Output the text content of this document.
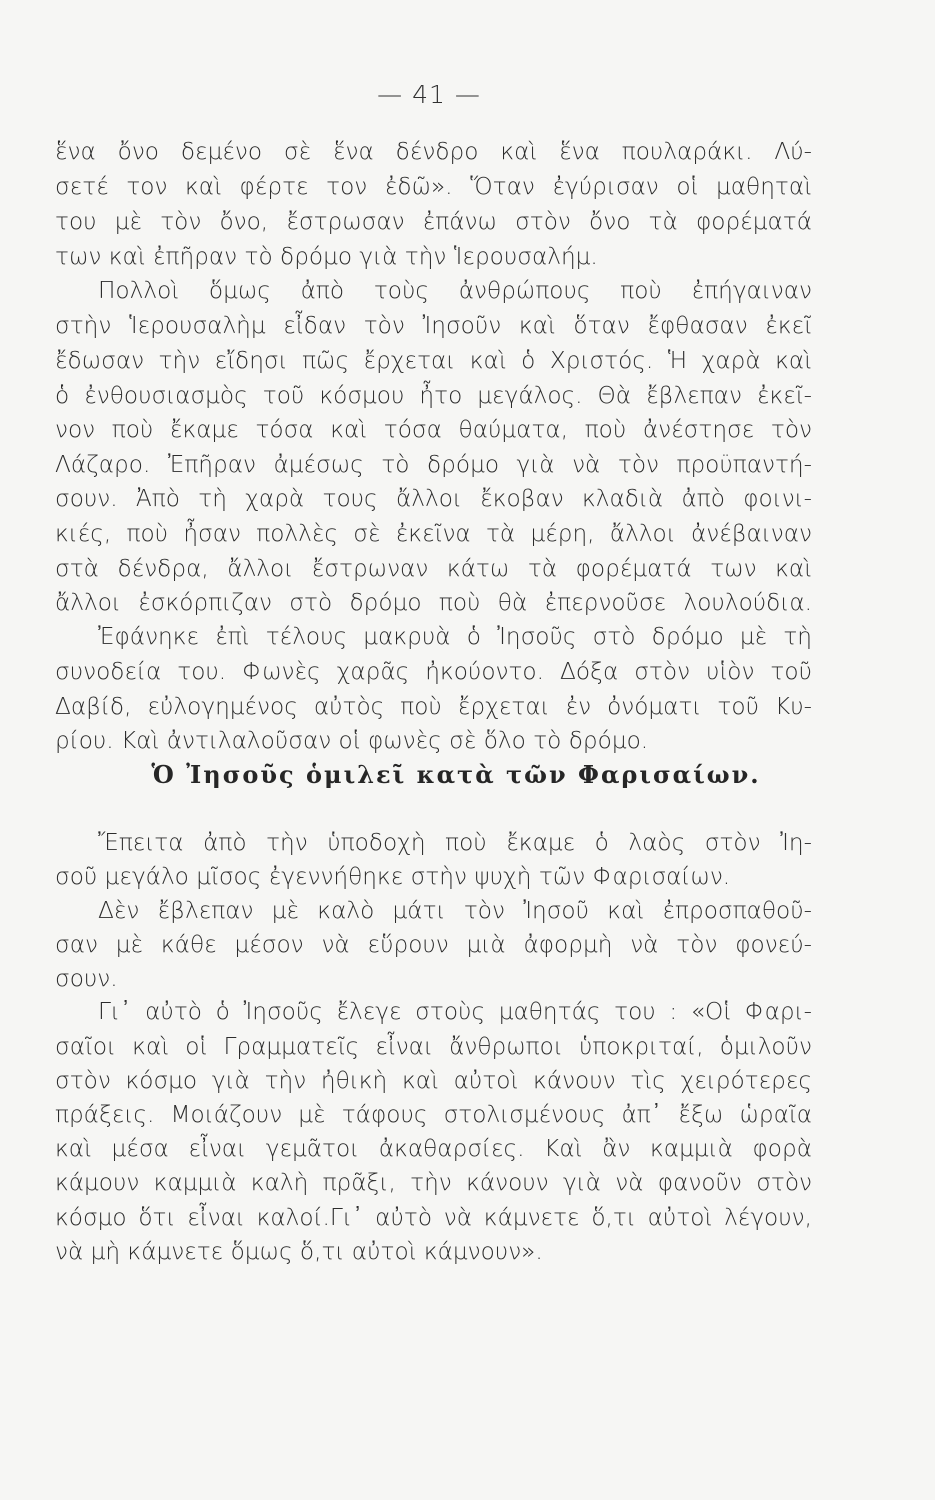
— 41 —
ἕνα ὄνο δεμένο σὲ ἕνα δένδρο καὶ ἕνα πουλαράκι. Λύ-
σετέ τον καὶ φέρτε τον ἐδῶ». Ὅταν ἐγύρισαν οἱ μαθηταὶ
του μὲ τὸν ὄνο, ἔστρωσαν ἐπάνω στὸν ὄνο τὰ φορέματά
των καὶ ἐπῆραν τὸ δρόμο γιὰ τὴν Ἱερουσαλήμ.
Πολλοὶ ὅμως ἀπὸ τοὺς ἀνθρώπους ποὺ ἐπήγαιναν
στὴν Ἱερουσαλὴμ εἶδαν τὸν Ἰησοῦν καὶ ὅταν ἔφθασαν ἐκεῖ
ἔδωσαν τὴν εἴδησι πῶς ἔρχεται καὶ ὁ Χριστός. Ἡ χαρὰ καὶ
ὁ ἐνθουσιασμὸς τοῦ κόσμου ἦτο μεγάλος. Θὰ ἔβλεπαν ἐκεῖ-
νον ποὺ ἔκαμε τόσα καὶ τόσα θαύματα, ποὺ ἀνέστησε τὸν
Λάζαρο. Ἐπῆραν ἀμέσως τὸ δρόμο γιὰ νὰ τὸν προϋπαντή-
σουν. Ἀπὸ τὴ χαρὰ τους ἄλλοι ἔκοβαν κλαδιὰ ἀπὸ φοινι-
κιές, ποὺ ἦσαν πολλὲς σὲ ἐκεῖνα τὰ μέρη, ἄλλοι ἀνέβαιναν
στὰ δένδρα, ἄλλοι ἔστρωναν κάτω τὰ φορέματά των καὶ
ἄλλοι ἐσκόρπιζαν στὸ δρόμο ποὺ θὰ ἐπερνοῦσε λουλούδια.
Ἐφάνηκε ἐπὶ τέλους μακρυὰ ὁ Ἰησοῦς στὸ δρόμο μὲ τὴ
συνοδεία του. Φωνὲς χαρᾶς ἠκούοντο. Δόξα στὸν υἱὸν τοῦ
Δαβίδ, εὐλογημένος αὐτὸς ποὺ ἔρχεται ἐν ὀνόματι τοῦ Κυ-
ρίου. Καὶ ἀντιλαλοῦσαν οἱ φωνὲς σὲ ὅλο τὸ δρόμο.
Ὁ Ἰησοῦς ὁμιλεῖ κατὰ τῶν Φαρισαίων.
Ἔπειτα ἀπὸ τὴν ὑποδοχὴ ποὺ ἔκαμε ὁ λαὸς στὸν Ἰη-
σοῦ μεγάλο μῖσος ἐγεννήθηκε στὴν ψυχὴ τῶν Φαρισαίων.
Δὲν ἔβλεπαν μὲ καλὸ μάτι τὸν Ἰησοῦ καὶ ἐπροσπαθοῦ-
σαν μὲ κάθε μέσον νὰ εὕρουν μιὰ ἀφορμὴ νὰ τὸν φονεύ-
σουν.
Γι᾿ αὐτὸ ὁ Ἰησοῦς ἔλεγε στοὺς μαθητάς του : «Οἱ Φαρι-
σαῖοι καὶ οἱ Γραμματεῖς εἶναι ἄνθρωποι ὑποκριταί, ὁμιλοῦν
στὸν κόσμο γιὰ τὴν ἠθικὴ καὶ αὐτοὶ κάνουν τὶς χειρότερες
πράξεις. Μοιάζουν μὲ τάφους στολισμένους ἀπ᾿ ἔξω ὡραῖα
καὶ μέσα εἶναι γεμᾶτοι ἀκαθαρσίες. Καὶ ἂν καμμιὰ φορὰ
κάμουν καμμιὰ καλὴ πρᾶξι, τὴν κάνουν γιὰ νὰ φανοῦν στὸν
κόσμο ὅτι εἶναι καλοί.Γι᾿ αὐτὸ νὰ κάμνετε ὅ,τι αὐτοὶ λέγουν,
νὰ μὴ κάμνετε ὅμως ὅ,τι αὐτοὶ κάμνουν».
